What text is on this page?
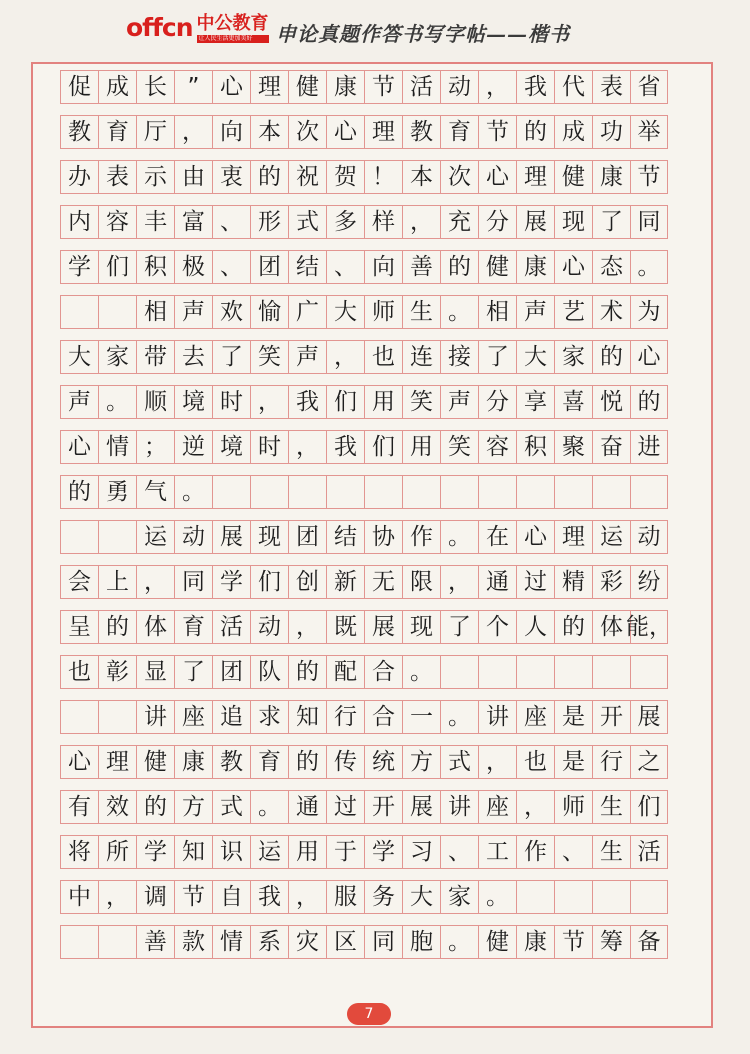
offcn 中公教育
让人民生活更加美好	申论真题作答书写字帖——楷书
促 成 长 ” 心 理 健 康 节 活 动 ， 我 代 表 省
教 育 厅 ， 向 本 次 心 理 教 育 节 的 成 功 举
办 表 示 由 衷 的 祝 贺 ！ 本 次 心 理 健 康 节
内 容 丰 富 、 形 式 多 样 ， 充 分 展 现 了 同
学 们 积 极 、 团 结 、 向 善 的 健 康 心 态 。
相 声 欢 愉 广 大 师 生 。 相 声 艺 术 为
大 家 带 去 了 笑 声 ， 也 连 接 了 大 家 的 心
声 。 顺 境 时 ， 我 们 用 笑 声 分 享 喜 悦 的
心 情 ； 逆 境 时 ， 我 们 用 笑 容 积 聚 奋 进
的 勇 气 。
运 动 展 现 团 结 协 作 。 在 心 理 运 动
会 上 ， 同 学 们 创 新 无 限 ， 通 过 精 彩 纷
呈 的 体 育 活 动 ， 既 展 现 了 个 人 的 体 能，
也 彰 显 了 团 队 的 配 合 。
讲 座 追 求 知 行 合 一 。 讲 座 是 开 展
心 理 健 康 教 育 的 传 统 方 式 ， 也 是 行 之
有 效 的 方 式 。 通 过 开 展 讲 座 ， 师 生 们
将 所 学 知 识 运 用 于 学 习 、 工 作 、 生 活
中 ， 调 节 自 我 ， 服 务 大 家 。
善 款 情 系 灾 区 同 胞 。 健 康 节 筹 备
7
